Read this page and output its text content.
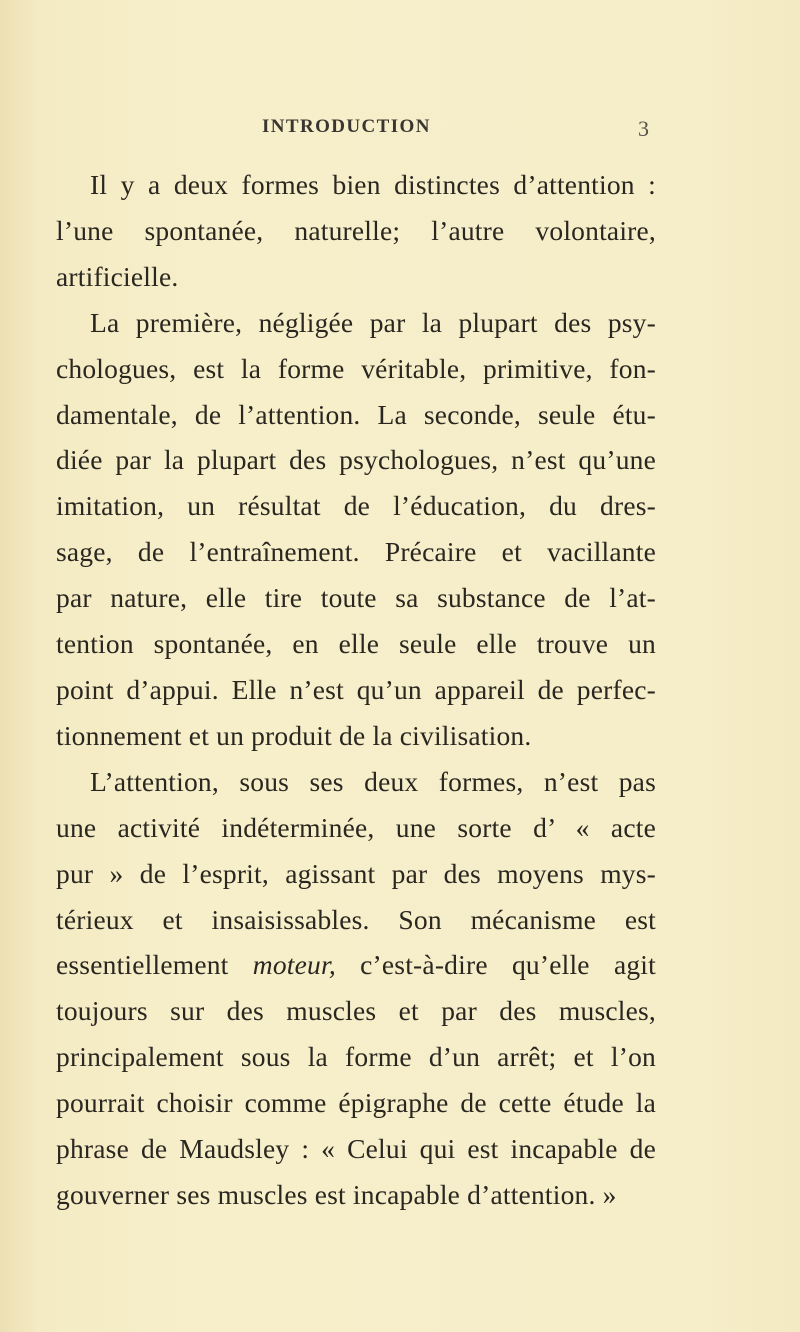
INTRODUCTION	3

Il y a deux formes bien distinctes d’attention :
l’une spontanée, naturelle; l’autre volontaire,
artificielle.

La première, négligée par la plupart des psy-
chologues, est la forme véritable, primitive, fon-
damentale, de l’attention. La seconde, seule étu-
diée par la plupart des psychologues, n’est qu’une
imitation, un résultat de l’éducation, du dres-
sage, de l’entraînement. Précaire et vacillante
par nature, elle tire toute sa substance de l’at-
tention spontanée, en elle seule elle trouve un
point d’appui. Elle n’est qu’un appareil de perfec-
tionnement et un produit de la civilisation.

L’attention, sous ses deux formes, n’est pas
une activité indéterminée, une sorte d’ « acte
pur » de l’esprit, agissant par des moyens mys-
térieux et insaisissables. Son mécanisme est
essentiellement moteur, c’est-à-dire qu’elle agit
toujours sur des muscles et par des muscles,
principalement sous la forme d’un arrêt; et l’on
pourrait choisir comme épigraphe de cette étude la
phrase de Maudsley : « Celui qui est incapable de
gouverner ses muscles est incapable d’attention. »
